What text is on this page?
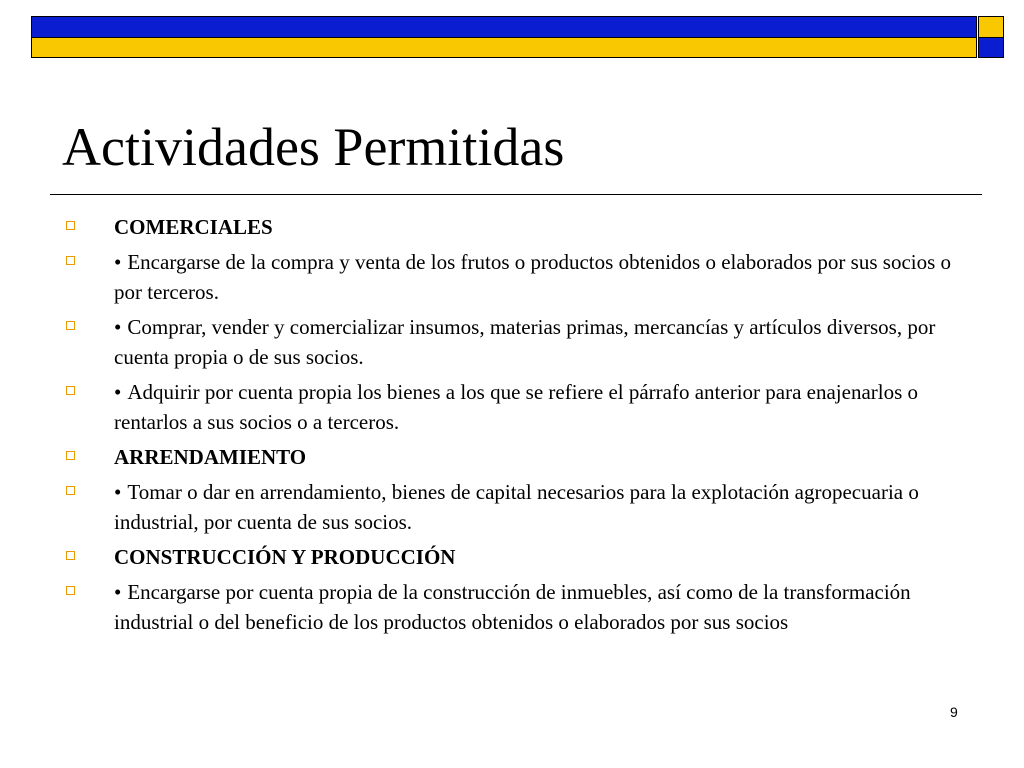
Actividades Permitidas
COMERCIALES
• Encargarse de la compra y venta de los frutos o productos obtenidos o elaborados por sus socios o por terceros.
• Comprar, vender y comercializar insumos, materias primas, mercancías y artículos diversos, por cuenta propia o de sus socios.
• Adquirir por cuenta propia los bienes a los que se refiere el párrafo anterior para enajenarlos o rentarlos a sus socios o a terceros.
ARRENDAMIENTO
• Tomar o dar en arrendamiento, bienes de capital necesarios para la explotación agropecuaria o industrial, por cuenta de sus socios.
CONSTRUCCIÓN Y PRODUCCIÓN
• Encargarse por cuenta propia de la construcción de inmuebles, así como de la transformación industrial o del beneficio de los productos obtenidos o elaborados por sus socios
9
